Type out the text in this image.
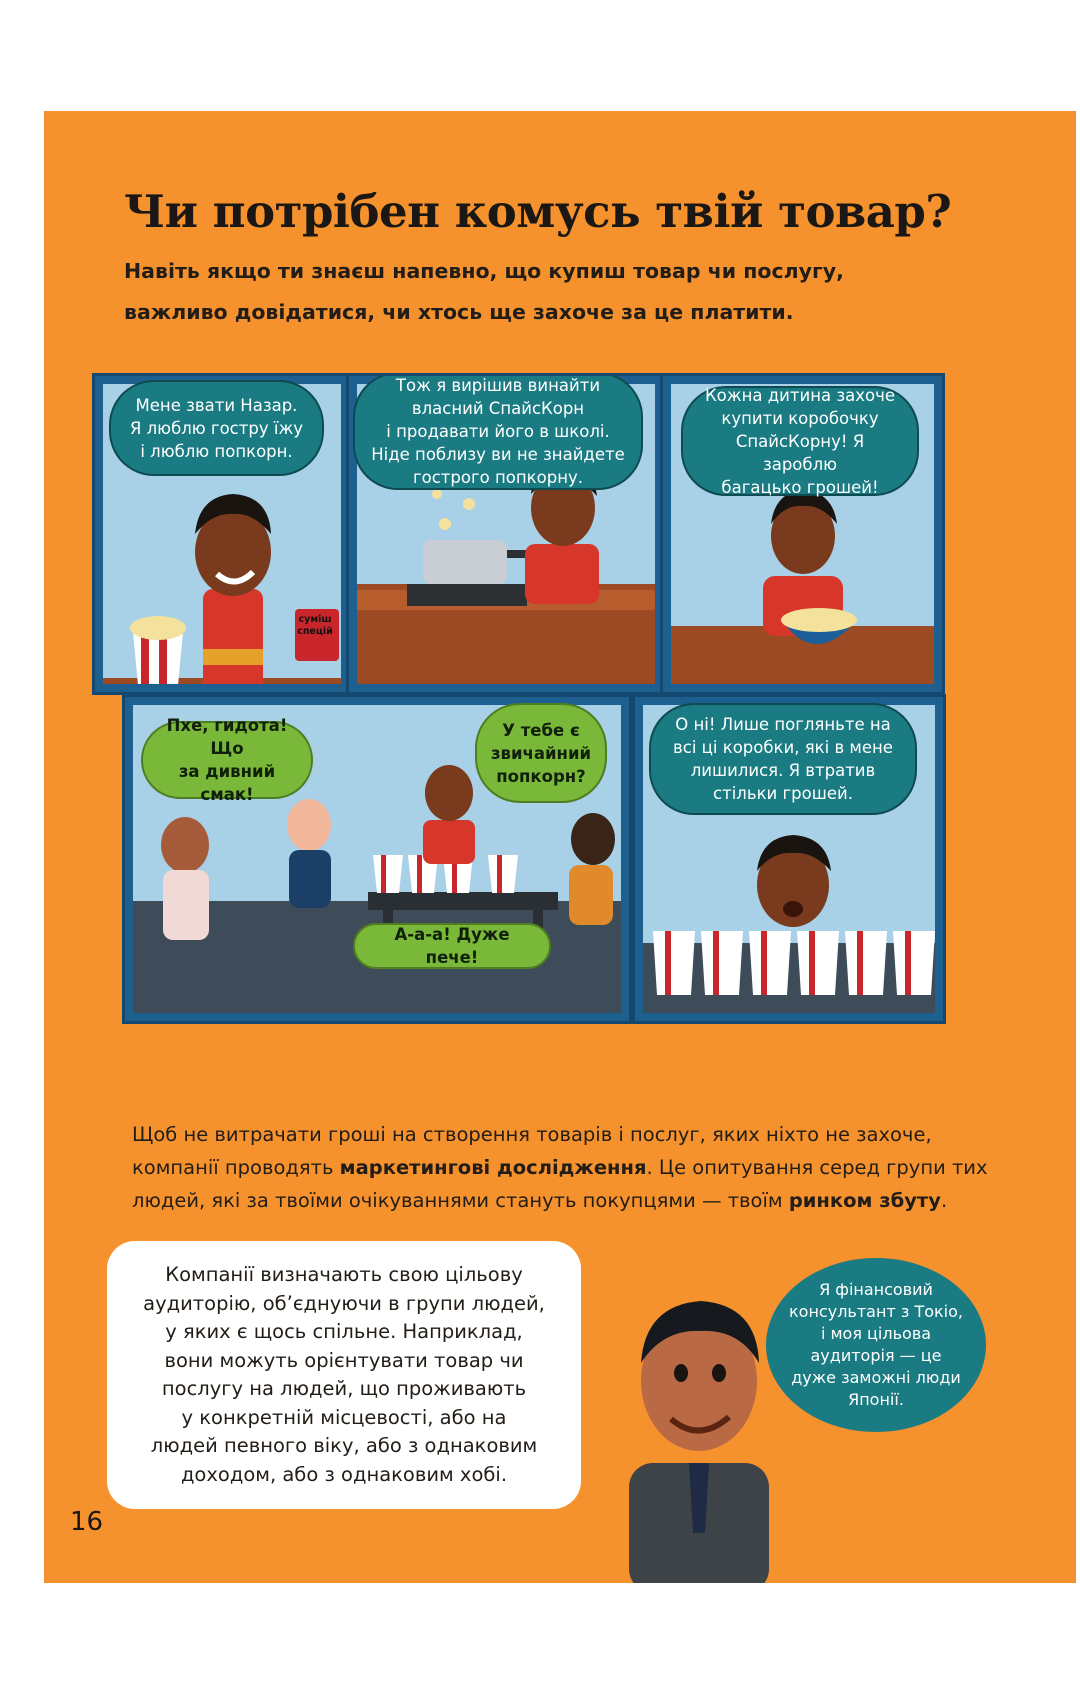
Чи потрібен комусь твій товар?

Навіть якщо ти знаєш напевно, що купиш товар чи послугу, важливо довідатися, чи хтось ще захоче за це платити.

суміш
спецій
Мене звати Назар.
Я люблю гостру їжу
і люблю попкорн.
Тож я вирішив винайти
власний СпайсКорн
і продавати його в школі.
Ніде поблизу ви не знайдете
гострого попкорну.
Кожна дитина захоче
купити коробочку
СпайсКорну! Я зароблю
багацько грошей!
Пхе, гидота! Що
за дивний смак!
У тебе є
звичайний
попкорн?
А-а-а! Дуже пече!
О ні! Лише погляньте на
всі ці коробки, які в мене
лишилися. Я втратив
стільки грошей.

Щоб не витрачати гроші на створення товарів і послуг, яких ніхто не захоче, компанії проводять маркетингові дослідження. Це опитування серед групи тих людей, які за твоїми очікуваннями стануть покупцями — твоїм ринком збуту.

Компанії визначають свою цільову
аудиторію, об’єднуючи в групи людей,
у яких є щось спільне. Наприклад,
вони можуть орієнтувати товар чи
послугу на людей, що проживають
у конкретній місцевості, або на
людей певного віку, або з однаковим
доходом, або з однаковим хобі.
Я фінансовий
консультант з Токіо,
і моя цільова
аудиторія — це
дуже заможні люди
Японії.
16
